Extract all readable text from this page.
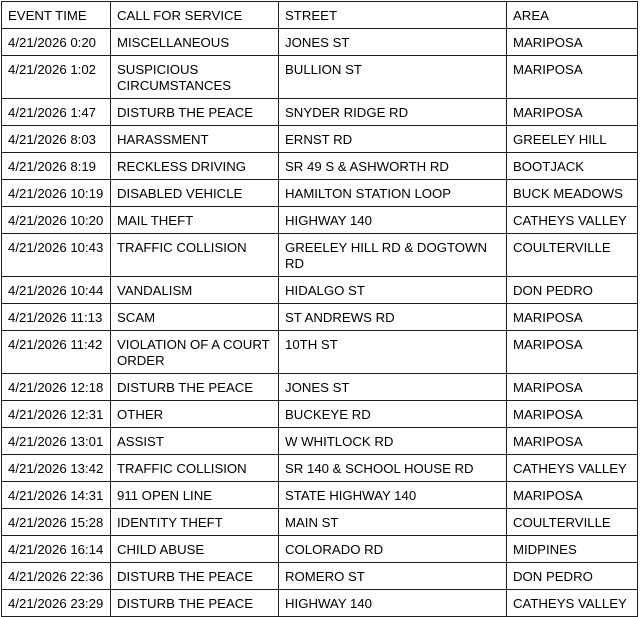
EVENT TIME	CALL FOR SERVICE	STREET	AREA
4/21/2026 0:20	MISCELLANEOUS	JONES ST	MARIPOSA
4/21/2026 1:02	SUSPICIOUS CIRCUMSTANCES	BULLION ST	MARIPOSA
4/21/2026 1:47	DISTURB THE PEACE	SNYDER RIDGE RD	MARIPOSA
4/21/2026 8:03	HARASSMENT	ERNST RD	GREELEY HILL
4/21/2026 8:19	RECKLESS DRIVING	SR 49 S & ASHWORTH RD	BOOTJACK
4/21/2026 10:19	DISABLED VEHICLE	HAMILTON STATION LOOP	BUCK MEADOWS
4/21/2026 10:20	MAIL THEFT	HIGHWAY 140	CATHEYS VALLEY
4/21/2026 10:43	TRAFFIC COLLISION	GREELEY HILL RD & DOGTOWN RD	COULTERVILLE
4/21/2026 10:44	VANDALISM	HIDALGO ST	DON PEDRO
4/21/2026 11:13	SCAM	ST ANDREWS RD	MARIPOSA
4/21/2026 11:42	VIOLATION OF A COURT ORDER	10TH ST	MARIPOSA
4/21/2026 12:18	DISTURB THE PEACE	JONES ST	MARIPOSA
4/21/2026 12:31	OTHER	BUCKEYE RD	MARIPOSA
4/21/2026 13:01	ASSIST	W WHITLOCK RD	MARIPOSA
4/21/2026 13:42	TRAFFIC COLLISION	SR 140 & SCHOOL HOUSE RD	CATHEYS VALLEY
4/21/2026 14:31	911 OPEN LINE	STATE HIGHWAY 140	MARIPOSA
4/21/2026 15:28	IDENTITY THEFT	MAIN ST	COULTERVILLE
4/21/2026 16:14	CHILD ABUSE	COLORADO RD	MIDPINES
4/21/2026 22:36	DISTURB THE PEACE	ROMERO ST	DON PEDRO
4/21/2026 23:29	DISTURB THE PEACE	HIGHWAY 140	CATHEYS VALLEY
